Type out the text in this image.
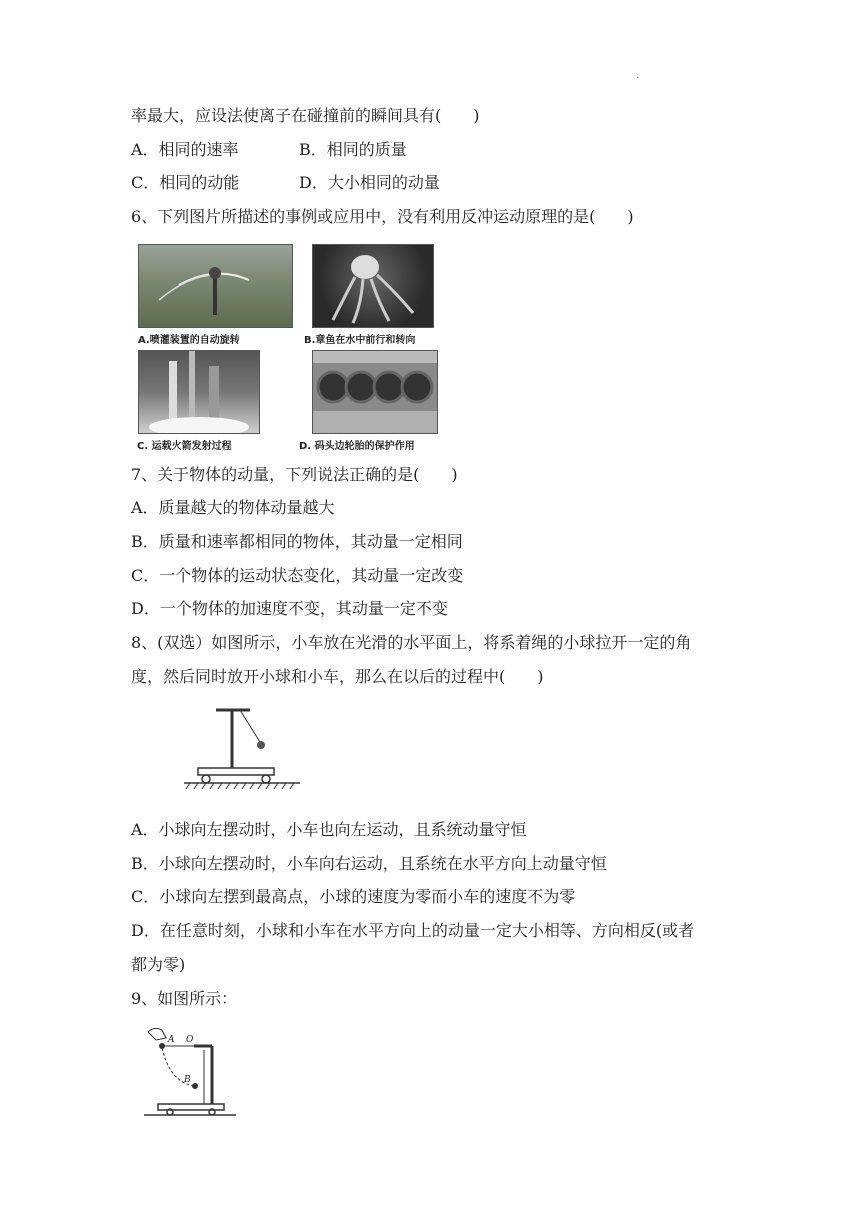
.
率最大，应设法使离子在碰撞前的瞬间具有(　　)
A．相同的速率	B．相同的质量
C．相同的动能	D．大小相同的动量
6、下列图片所描述的事例或应用中，没有利用反冲运动原理的是(　　)
A.喷灌装置的自动旋转	B.章鱼在水中前行和转向
C. 运载火箭发射过程	D. 码头边轮胎的保护作用
7、关于物体的动量，下列说法正确的是(　　)
A．质量越大的物体动量越大
B．质量和速率都相同的物体，其动量一定相同
C．一个物体的运动状态变化，其动量一定改变
D．一个物体的加速度不变，其动量一定不变
8、(双选）如图所示，小车放在光滑的水平面上，将系着绳的小球拉开一定的角
度，然后同时放开小球和小车，那么在以后的过程中(　　)
A．小球向左摆动时，小车也向左运动，且系统动量守恒
B．小球向左摆动时，小车向右运动，且系统在水平方向上动量守恒
C．小球向左摆到最高点，小球的速度为零而小车的速度不为零
D．在任意时刻，小球和小车在水平方向上的动量一定大小相等、方向相反(或者
都为零)
9、如图所示：
A O
B
